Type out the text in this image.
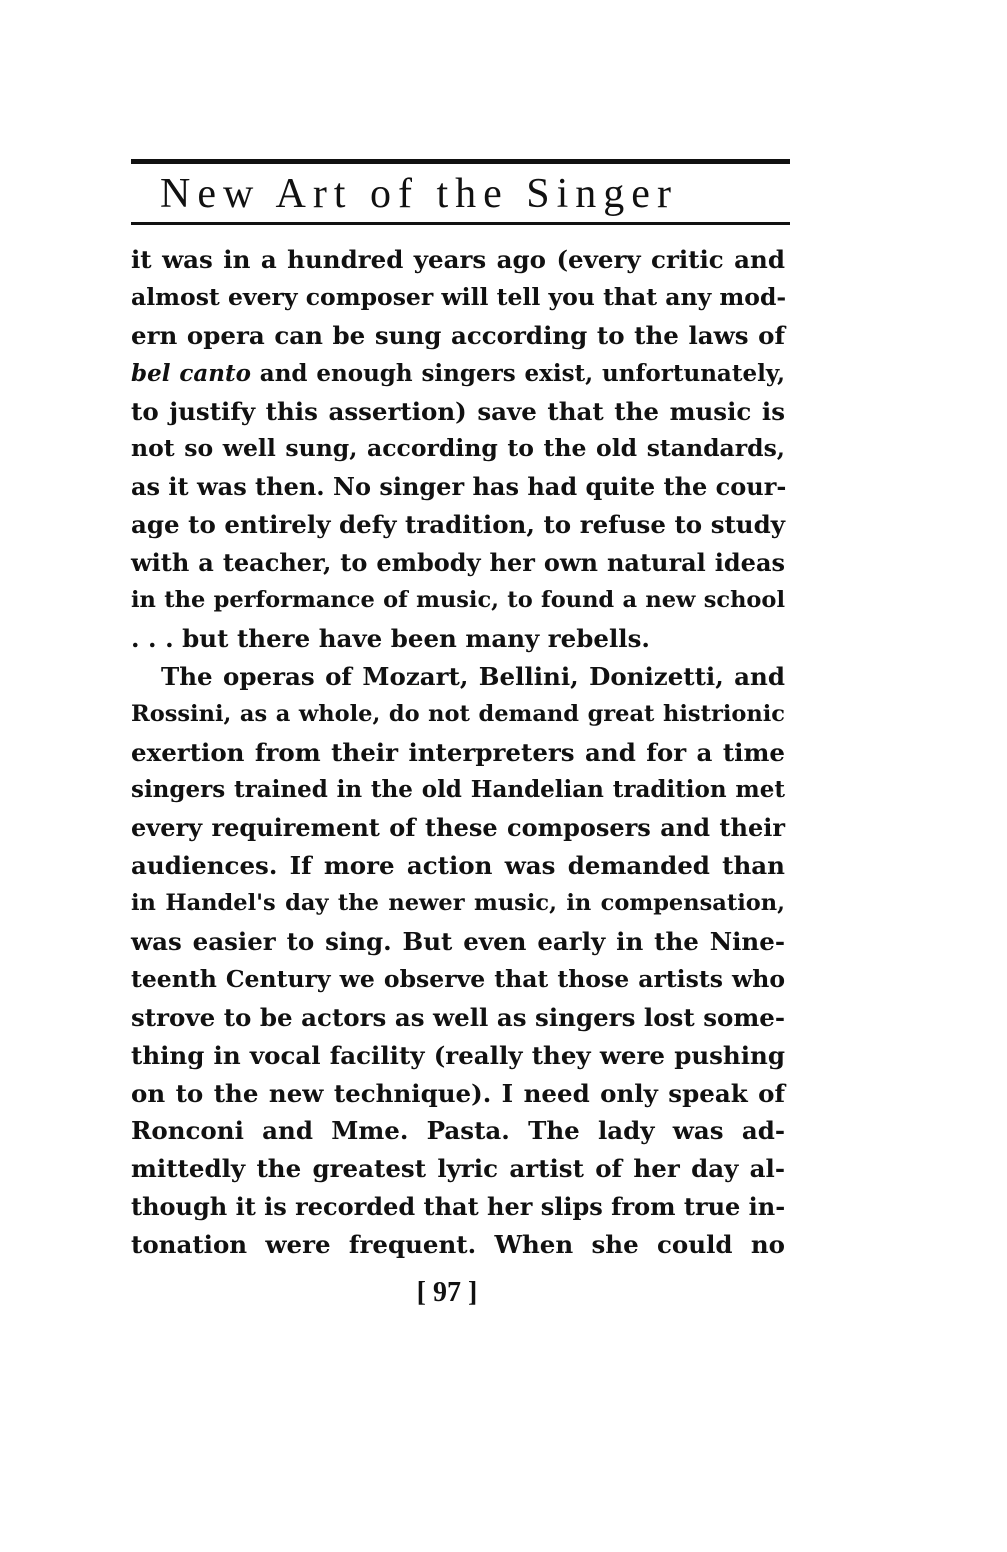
New Art of the Singer
it was in a hundred years ago (every critic and
almost every composer will tell you that any mod-
ern opera can be sung according to the laws of
bel canto and enough singers exist, unfortunately,
to justify this assertion) save that the music is
not so well sung, according to the old standards,
as it was then. No singer has had quite the cour-
age to entirely defy tradition, to refuse to study
with a teacher, to embody her own natural ideas
in the performance of music, to found a new school
. . . but there have been many rebells.
The operas of Mozart, Bellini, Donizetti, and
Rossini, as a whole, do not demand great histrionic
exertion from their interpreters and for a time
singers trained in the old Handelian tradition met
every requirement of these composers and their
audiences. If more action was demanded than
in Handel's day the newer music, in compensation,
was easier to sing. But even early in the Nine-
teenth Century we observe that those artists who
strove to be actors as well as singers lost some-
thing in vocal facility (really they were pushing
on to the new technique). I need only speak of
Ronconi and Mme. Pasta. The lady was ad-
mittedly the greatest lyric artist of her day al-
though it is recorded that her slips from true in-
tonation were frequent. When she could no
[ 97 ]
